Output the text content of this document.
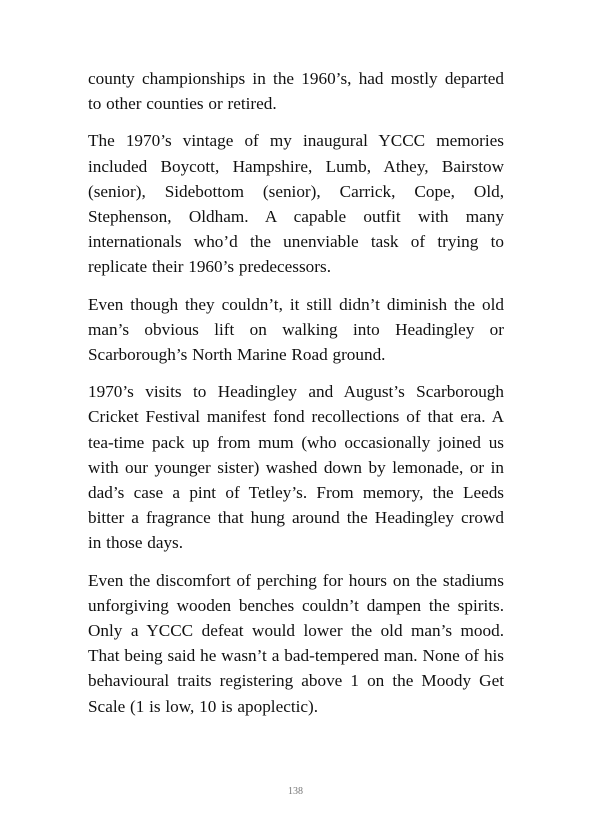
county championships in the 1960’s, had mostly departed to other counties or retired.

The 1970’s vintage of my inaugural YCCC memories included Boycott, Hampshire, Lumb, Athey, Bairstow (senior), Sidebottom (senior), Carrick, Cope, Old, Stephenson, Oldham. A capable outfit with many internationals who’d the unenviable task of trying to replicate their 1960’s predecessors.

Even though they couldn’t, it still didn’t diminish the old man’s obvious lift on walking into Headingley or Scarborough’s North Marine Road ground.

1970’s visits to Headingley and August’s Scarborough Cricket Festival manifest fond recollections of that era. A tea-time pack up from mum (who occasionally joined us with our younger sister) washed down by lemonade, or in dad’s case a pint of Tetley’s. From memory, the Leeds bitter a fragrance that hung around the Headingley crowd in those days.

Even the discomfort of perching for hours on the stadiums unforgiving wooden benches couldn’t dampen the spirits. Only a YCCC defeat would lower the old man’s mood. That being said he wasn’t a bad-tempered man. None of his behavioural traits registering above 1 on the Moody Get Scale (1 is low, 10 is apoplectic).

138
